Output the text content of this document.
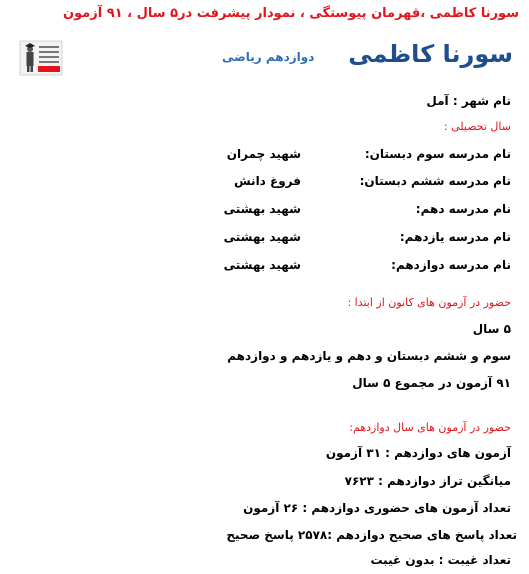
سورنا کاظمی ،قهرمان پیوستگی ، نمودار پیشرفت در۵ سال ، ۹۱ آزمون
سورنا کاظمی
دوازدهم ریاضی
نام شهر : آمل
سال تحصیلی :
نام مدرسه سوم دبستان:
شهید چمران
نام مدرسه ششم دبستان:
فروغ دانش
نام مدرسه دهم:
شهید بهشتی
نام مدرسه یازدهم:
شهید بهشتی
نام مدرسه دوازدهم:
شهید بهشتی
حضور در آزمون های کانون از ابتدا :
۵ سال
سوم و ششم دبستان و دهم و یازدهم و دوازدهم
۹۱ آزمون در مجموع ۵ سال
حضور در آزمون های سال دوازدهم:
آزمون های دوازدهم : ۳۱ آزمون
میانگین تراز دوازدهم : ۷۶۲۳
تعداد آزمون های حضوری دوازدهم : ۲۶ آزمون
تعداد پاسخ های صحیح دوازدهم :۲۵۷۸ پاسخ صحیح
تعداد غیبت : بدون غیبت
